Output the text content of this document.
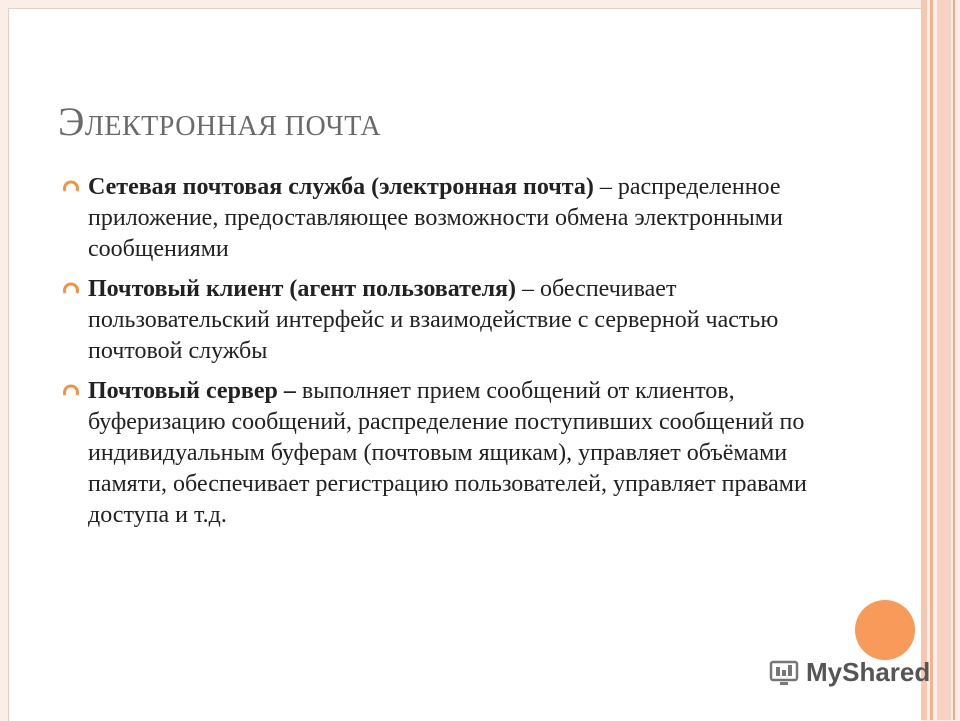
ЭЛЕКТРОННАЯ ПОЧТА
Сетевая почтовая служба (электронная почта) – распределенное приложение, предоставляющее возможности обмена электронными сообщениями
Почтовый клиент (агент пользователя) – обеспечивает пользовательский интерфейс и взаимодействие с серверной частью почтовой службы
Почтовый сервер – выполняет прием сообщений от клиентов, буферизацию сообщений, распределение поступивших сообщений по индивидуальным буферам (почтовым ящикам), управляет объёмами памяти, обеспечивает регистрацию пользователей, управляет правами доступа и т.д.
MyShared
